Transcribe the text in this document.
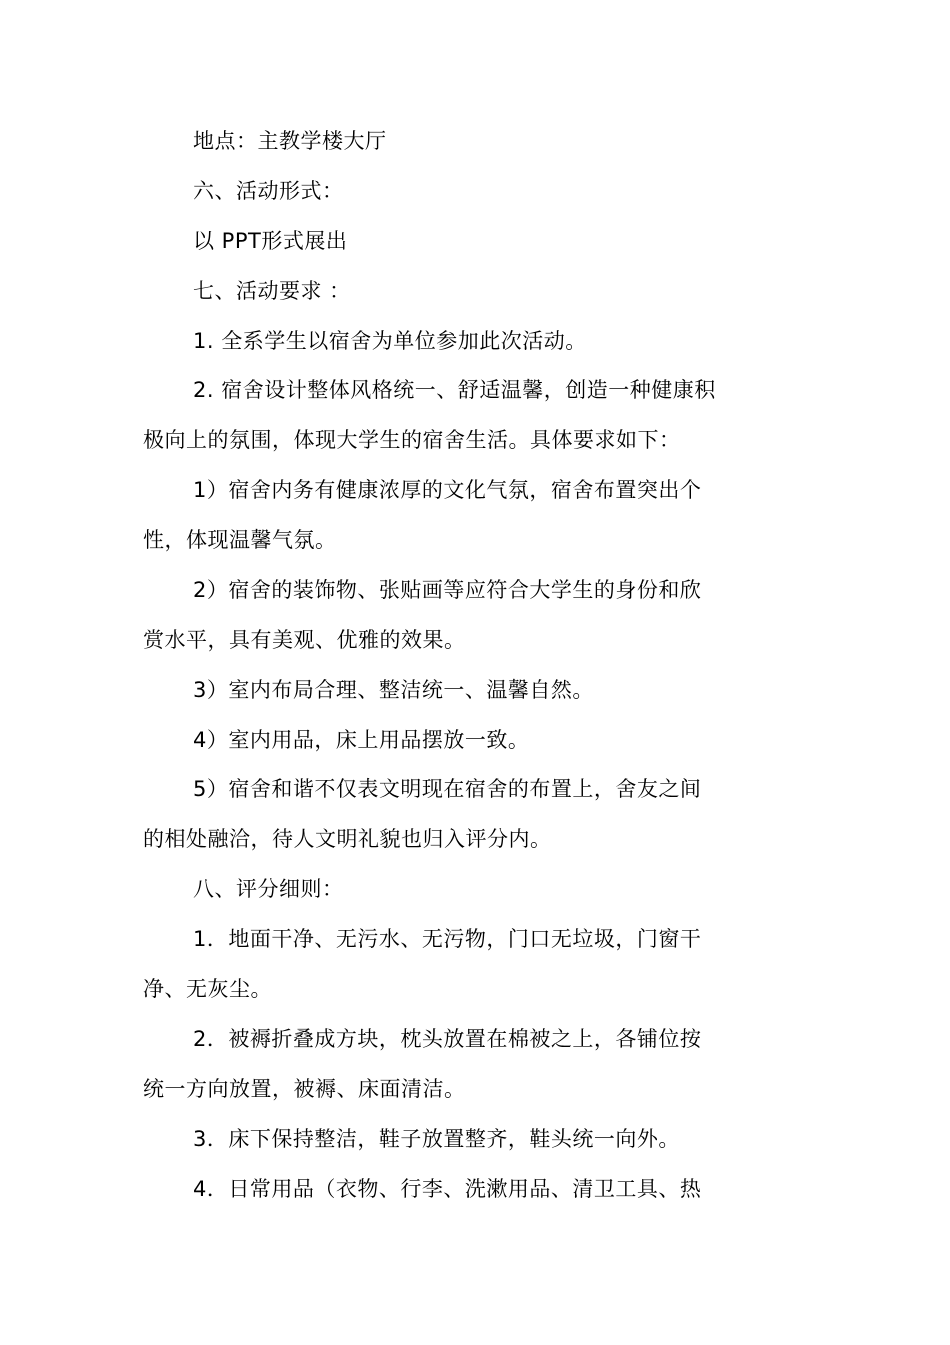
地点：主教学楼大厅
六、活动形式：
以 PPT形式展出
七、活动要求 ：
1. 全系学生以宿舍为单位参加此次活动。
2. 宿舍设计整体风格统一、舒适温馨，创造一种健康积
极向上的氛围，体现大学生的宿舍生活。具体要求如下：
1）宿舍内务有健康浓厚的文化气氛，宿舍布置突出个
性，体现温馨气氛。
2）宿舍的装饰物、张贴画等应符合大学生的身份和欣
赏水平，具有美观、优雅的效果。
3）室内布局合理、整洁统一、温馨自然。
4）室内用品，床上用品摆放一致。
5）宿舍和谐不仅表文明现在宿舍的布置上，舍友之间
的相处融洽，待人文明礼貌也归入评分内。
八、评分细则：
1．地面干净、无污水、无污物，门口无垃圾，门窗干
净、无灰尘。
2．被褥折叠成方块，枕头放置在棉被之上，各铺位按
统一方向放置，被褥、床面清洁。
3．床下保持整洁，鞋子放置整齐，鞋头统一向外。
4．日常用品（衣物、行李、洗漱用品、清卫工具、热
